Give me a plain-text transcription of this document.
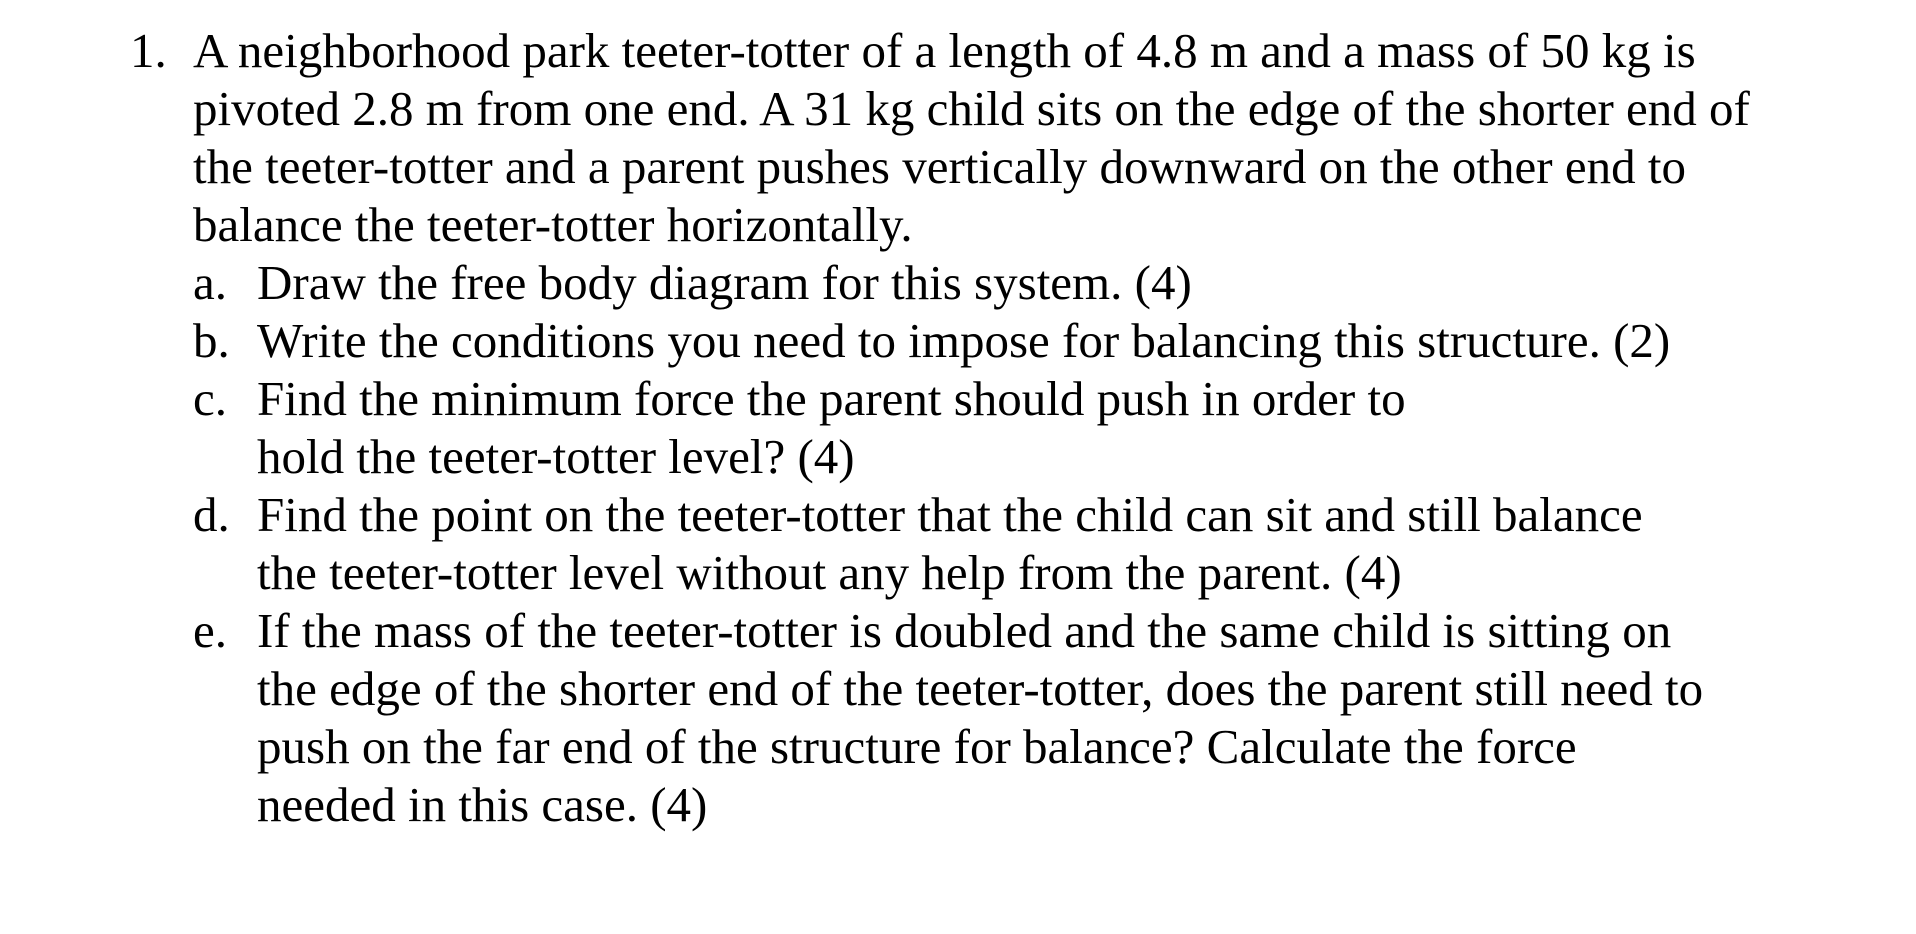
1. A neighborhood park teeter-totter of a length of 4.8 m and a mass of 50 kg is pivoted 2.8 m from one end. A 31 kg child sits on the edge of the shorter end of the teeter-totter and a parent pushes vertically downward on the other end to balance the teeter-totter horizontally.
a. Draw the free body diagram for this system. (4)
b. Write the conditions you need to impose for balancing this structure. (2)
c. Find the minimum force the parent should push in order to hold the teeter-totter level? (4)
d. Find the point on the teeter-totter that the child can sit and still balance the teeter-totter level without any help from the parent. (4)
e. If the mass of the teeter-totter is doubled and the same child is sitting on the edge of the shorter end of the teeter-totter, does the parent still need to push on the far end of the structure for balance? Calculate the force needed in this case. (4)
